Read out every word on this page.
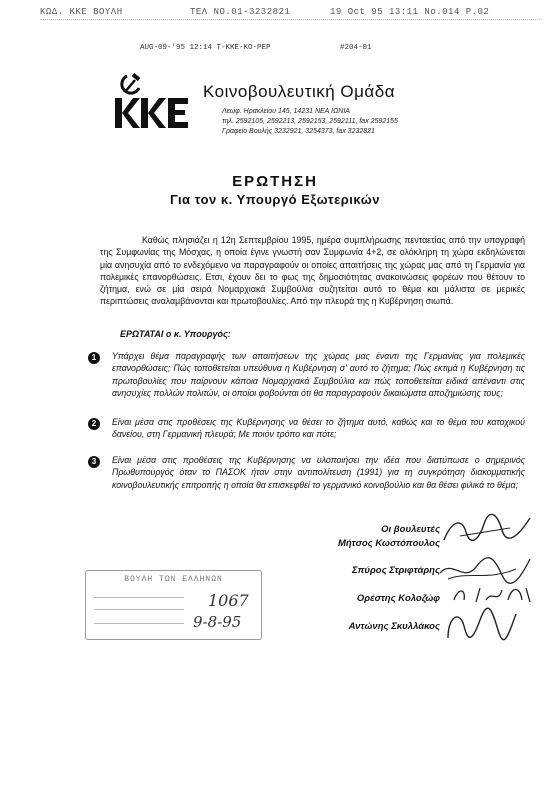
ΚΩΔ. ΚΚΕ ΒΟΥΛΗ	ΤΕΛ ΝΟ.01-3232821	19 Oct 95 13:11 No.014 P.02
AUG-09-'95 12:14 Τ-ΚΚΕ-ΚΟ-ΡΕΡ	#204-01
Κοινοβουλευτική Ομάδα
Λεωφ. Ηρακλείου 145, 14231 ΝΕΑ ΙΩΝΙΑ
τηλ. 2592105, 2592213, 2592153, 2592111, fax 2592155
Γραφείο Βουλής 3232921, 3254373, fax 3232821
ΕΡΩΤΗΣΗ
Για τον κ. Υπουργό Εξωτερικών
Καθώς πλησιάζει η 12η Σεπτεμβρίου 1995, ημέρα συμπλήρωσης πενταετίας από την υπογραφή της Συμφωνίας της Μόσχας, η οποία έγινε γνωστή σαν Συμφωνία 4+2, σε ολόκληρη τη χώρα εκδηλώνεται μία ανησυχία από το ενδεχόμενο να παραγραφούν οι οποίες απαιτήσεις της χώρας μας από τη Γερμανία για πολεμικές επανορθώσεις. Ετσι, έχουν δει το φως της δημοσιότητας ανακοινώσεις φορέων που θέτουν το ζήτημα, ενώ σε μία σειρά Νομαρχιακά Συμβούλια συζητείται αυτό το θέμα και μάλιστα σε μερικές περιπτώσεις αναλαμβάνονται και πρωτοβουλίες. Από την πλευρά της η Κυβέρνηση σιωπά.
ΕΡΩΤΑΤΑΙ ο κ. Υπουργός:
1	Υπάρχει θέμα παραγραφής των απαιτήσεων της χώρας μας έναντι της Γερμανίας για πολεμικές επανορθώσεις; Πώς τοποθετείται υπεύθυνα η Κυβέρνηση σ' αυτό το ζήτημα; Πώς εκτιμά η Κυβέρνηση τις πρωτοβουλίες που παίρνουν κάποια Νομαρχιακά Συμβούλια και πώς τοποθετείται ειδικά απέναντι στις ανησυχίες πολλών πολιτών, οι οποίοι φοβούνται ότι θα παραγραφούν δικαιώματα αποζημιώσης τους;
2	Είναι μέσα στις προθέσεις της Κυβέρνησης να θέσει το ζήτημα αυτό, καθώς και το θέμα του κατοχικού δανείου, στη Γερμανική πλευρά; Με ποιόν τρόπο και πότε;
3	Είναι μέσα στις προθέσεις της Κυβέρνησης να υλοποιήσει την ιδέα που διατύπωσε ο σημερινός Πρωθυπουργός όταν το ΠΑΣΟΚ ήταν στην αντιπολίτευση (1991) για τη συγκρότηση διακομματικής κοινοβουλευτικής επιτροπής η οποία θα επισκεφθεί το γερμανικό κοινοβούλιο και θα θέσει φιλικά το θέμα;
Οι βουλευτές
Μήτσος Κωστόπουλος
Σπύρος Στριφτάρης
Ορέστης Κολοζώφ
Αντώνης Σκυλλάκος
ΒΟΥΛΗ ΤΩΝ ΕΛΛΗΝΩΝ
1067
9-8-95
